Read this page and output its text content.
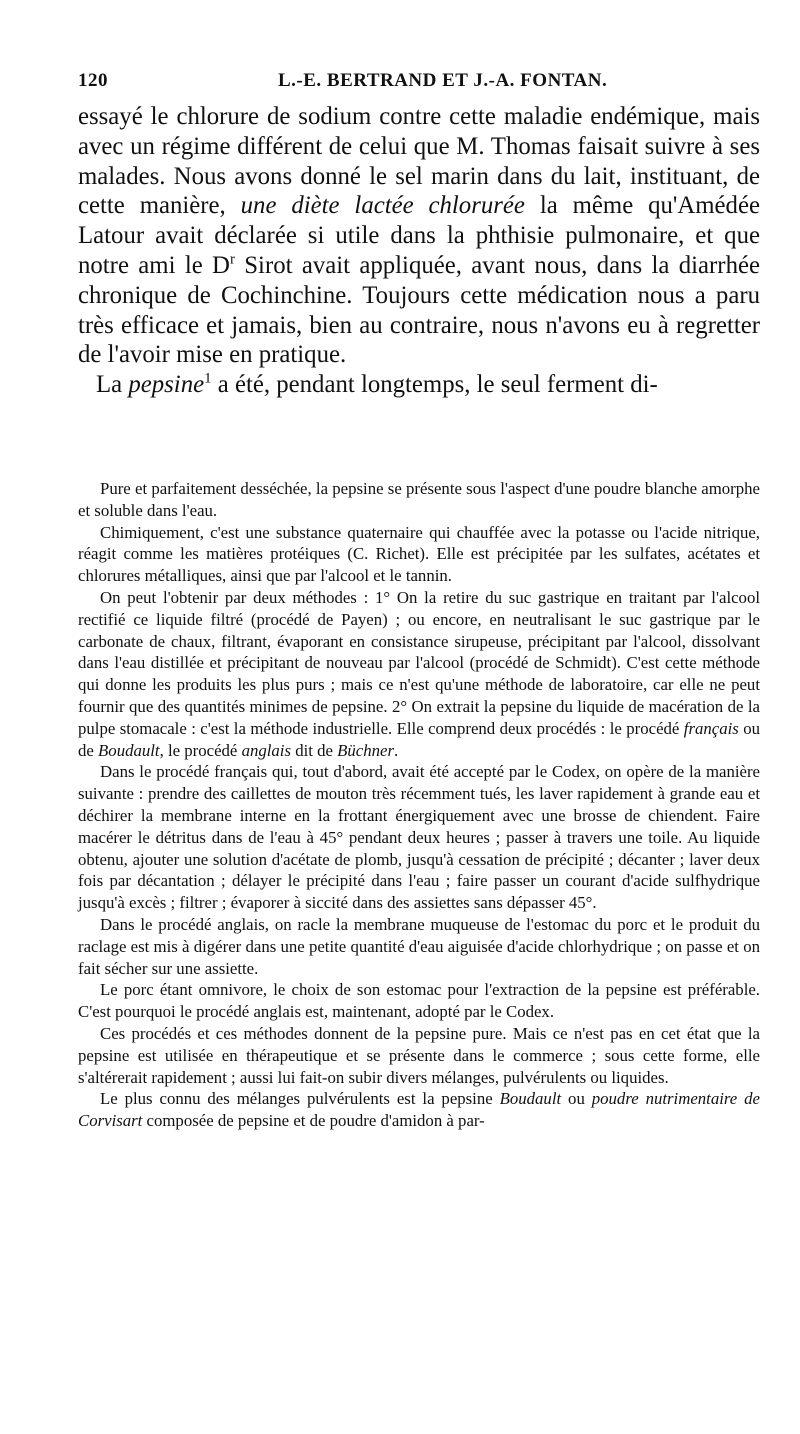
120	L.-E. BERTRAND ET J.-A. FONTAN.

essayé le chlorure de sodium contre cette maladie endémique, mais avec un régime différent de celui que M. Thomas faisait suivre à ses malades. Nous avons donné le sel marin dans du lait, instituant, de cette manière, une diète lactée chlorurée la même qu'Amédée Latour avait déclarée si utile dans la phthisie pulmonaire, et que notre ami le $D^r$ Sirot avait appliquée, avant nous, dans la diarrhée chronique de Cochinchine. Toujours cette médication nous a paru très efficace et jamais, bien au contraire, nous n'avons eu à regretter de l'avoir mise en pratique.

La pepsine$^1$ a été, pendant longtemps, le seul ferment di-

Pure et parfaitement desséchée, la pepsine se présente sous l'aspect d'une poudre blanche amorphe et soluble dans l'eau.

Chimiquement, c'est une substance quaternaire qui chauffée avec la potasse ou l'acide nitrique, réagit comme les matières protéiques (C. Richet). Elle est précipitée par les sulfates, acétates et chlorures métalliques, ainsi que par l'alcool et le tannin.

On peut l'obtenir par deux méthodes : 1° On la retire du suc gastrique en traitant par l'alcool rectifié ce liquide filtré (procédé de Payen) ; ou encore, en neutralisant le suc gastrique par le carbonate de chaux, filtrant, évaporant en consistance sirupeuse, précipitant par l'alcool, dissolvant dans l'eau distillée et précipitant de nouveau par l'alcool (procédé de Schmidt). C'est cette méthode qui donne les produits les plus purs ; mais ce n'est qu'une méthode de laboratoire, car elle ne peut fournir que des quantités minimes de pepsine. 2° On extrait la pepsine du liquide de macération de la pulpe stomacale : c'est la méthode industrielle. Elle comprend deux procédés : le procédé français ou de Boudault, le procédé anglais dit de Büchner.

Dans le procédé français qui, tout d'abord, avait été accepté par le Codex, on opère de la manière suivante : prendre des caillettes de mouton très récemment tués, les laver rapidement à grande eau et déchirer la membrane interne en la frottant énergiquement avec une brosse de chiendent. Faire macérer le détritus dans de l'eau à 45° pendant deux heures ; passer à travers une toile. Au liquide obtenu, ajouter une solution d'acétate de plomb, jusqu'à cessation de précipité ; décanter ; laver deux fois par décantation ; délayer le précipité dans l'eau ; faire passer un courant d'acide sulfhydrique jusqu'à excès ; filtrer ; évaporer à siccité dans des assiettes sans dépasser 45°.

Dans le procédé anglais, on racle la membrane muqueuse de l'estomac du porc et le produit du raclage est mis à digérer dans une petite quantité d'eau aiguisée d'acide chlorhydrique ; on passe et on fait sécher sur une assiette.

Le porc étant omnivore, le choix de son estomac pour l'extraction de la pepsine est préférable. C'est pourquoi le procédé anglais est, maintenant, adopté par le Codex.

Ces procédés et ces méthodes donnent de la pepsine pure. Mais ce n'est pas en cet état que la pepsine est utilisée en thérapeutique et se présente dans le commerce ; sous cette forme, elle s'altérerait rapidement ; aussi lui fait-on subir divers mélanges, pulvérulents ou liquides.

Le plus connu des mélanges pulvérulents est la pepsine Boudault ou poudre nutrimentaire de Corvisart composée de pepsine et de poudre d'amidon à par-
